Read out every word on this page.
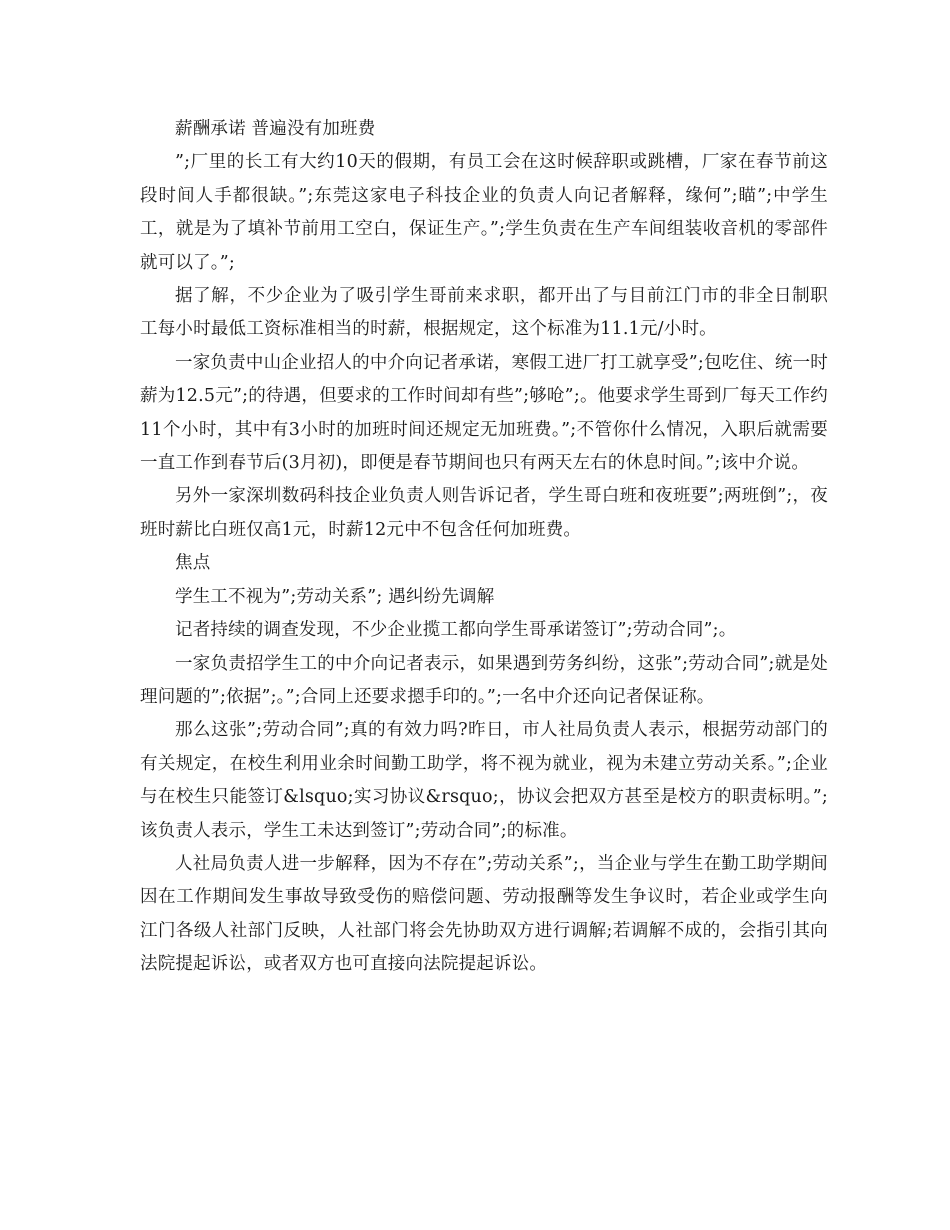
薪酬承诺 普遍没有加班费

”;厂里的长工有大约10天的假期，有员工会在这时候辞职或跳槽，厂家在春节前这段时间人手都很缺。”;东莞这家电子科技企业的负责人向记者解释，缘何”;瞄”;中学生工，就是为了填补节前用工空白，保证生产。”;学生负责在生产车间组装收音机的零部件就可以了。”;

据了解，不少企业为了吸引学生哥前来求职，都开出了与目前江门市的非全日制职工每小时最低工资标准相当的时薪，根据规定，这个标准为11.1元/小时。

一家负责中山企业招人的中介向记者承诺，寒假工进厂打工就享受”;包吃住、统一时薪为12.5元”;的待遇，但要求的工作时间却有些”;够呛”;。他要求学生哥到厂每天工作约11个小时，其中有3小时的加班时间还规定无加班费。”;不管你什么情况，入职后就需要一直工作到春节后(3月初)，即便是春节期间也只有两天左右的休息时间。”;该中介说。

另外一家深圳数码科技企业负责人则告诉记者，学生哥白班和夜班要”;两班倒”;，夜班时薪比白班仅高1元，时薪12元中不包含任何加班费。

焦点

学生工不视为”;劳动关系”; 遇纠纷先调解

记者持续的调查发现，不少企业揽工都向学生哥承诺签订”;劳动合同”;。

一家负责招学生工的中介向记者表示，如果遇到劳务纠纷，这张”;劳动合同”;就是处理问题的”;依据”;。”;合同上还要求摁手印的。”;一名中介还向记者保证称。

那么这张”;劳动合同”;真的有效力吗?昨日，市人社局负责人表示，根据劳动部门的有关规定，在校生利用业余时间勤工助学，将不视为就业，视为未建立劳动关系。”;企业与在校生只能签订&lsquo;实习协议&rsquo;，协议会把双方甚至是校方的职责标明。”;该负责人表示，学生工未达到签订”;劳动合同”;的标准。

人社局负责人进一步解释，因为不存在”;劳动关系”;，当企业与学生在勤工助学期间因在工作期间发生事故导致受伤的赔偿问题、劳动报酬等发生争议时，若企业或学生向江门各级人社部门反映，人社部门将会先协助双方进行调解;若调解不成的，会指引其向法院提起诉讼，或者双方也可直接向法院提起诉讼。
